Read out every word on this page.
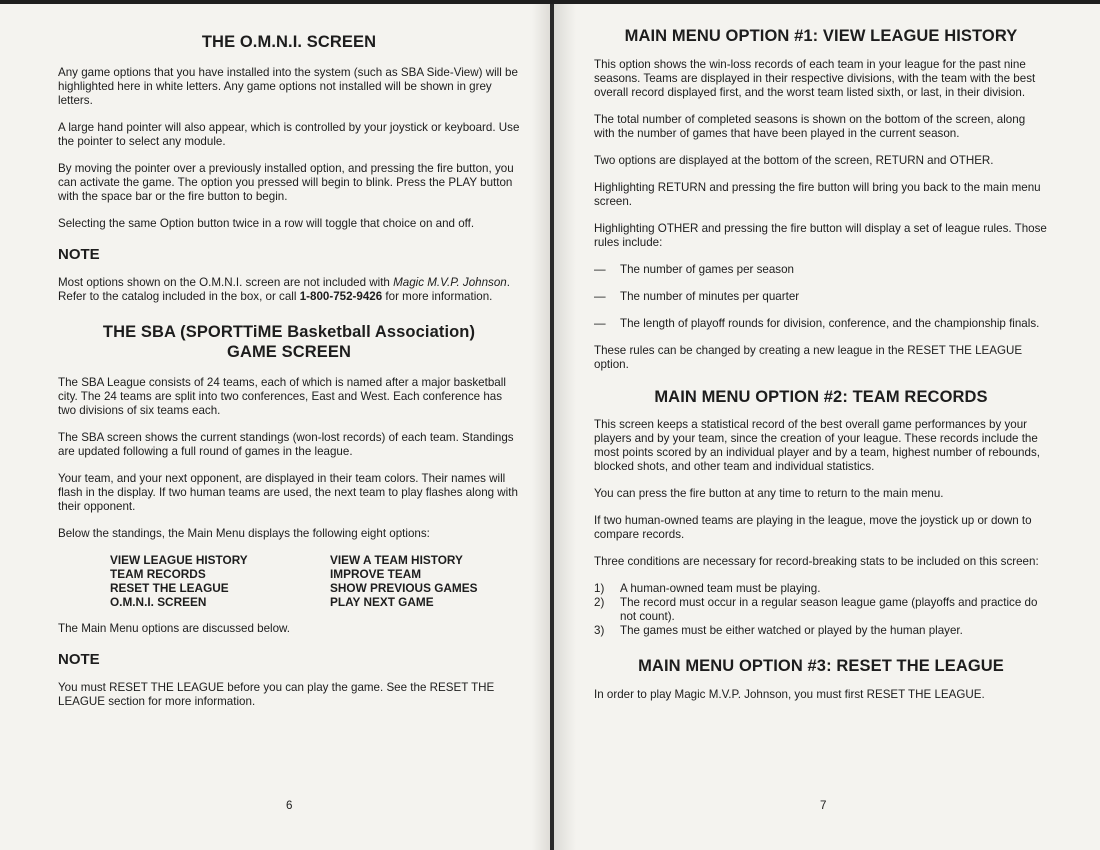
THE O.M.N.I. SCREEN

Any game options that you have installed into the system (such as SBA Side-View) will be highlighted here in white letters. Any game options not installed will be shown in grey letters.

A large hand pointer will also appear, which is controlled by your joystick or keyboard. Use the pointer to select any module.

By moving the pointer over a previously installed option, and pressing the fire button, you can activate the game. The option you pressed will begin to blink. Press the PLAY button with the space bar or the fire button to begin.

Selecting the same Option button twice in a row will toggle that choice on and off.

NOTE

Most options shown on the O.M.N.I. screen are not included with Magic M.V.P. Johnson. Refer to the catalog included in the box, or call 1-800-752-9426 for more information.

THE SBA (SPORTTiME Basketball Association)
GAME SCREEN

The SBA League consists of 24 teams, each of which is named after a major basketball city. The 24 teams are split into two conferences, East and West. Each conference has two divisions of six teams each.

The SBA screen shows the current standings (won-lost records) of each team. Standings are updated following a full round of games in the league.

Your team, and your next opponent, are displayed in their team colors. Their names will flash in the display. If two human teams are used, the next team to play flashes along with their opponent.

Below the standings, the Main Menu displays the following eight options:

VIEW LEAGUE HISTORY	VIEW A TEAM HISTORY
TEAM RECORDS	IMPROVE TEAM
RESET THE LEAGUE	SHOW PREVIOUS GAMES
O.M.N.I. SCREEN	PLAY NEXT GAME

The Main Menu options are discussed below.

NOTE

You must RESET THE LEAGUE before you can play the game. See the RESET THE LEAGUE section for more information.

6
MAIN MENU OPTION #1: VIEW LEAGUE HISTORY

This option shows the win-loss records of each team in your league for the past nine seasons. Teams are displayed in their respective divisions, with the team with the best overall record displayed first, and the worst team listed sixth, or last, in their division.

The total number of completed seasons is shown on the bottom of the screen, along with the number of games that have been played in the current season.

Two options are displayed at the bottom of the screen, RETURN and OTHER.

Highlighting RETURN and pressing the fire button will bring you back to the main menu screen.

Highlighting OTHER and pressing the fire button will display a set of league rules. Those rules include:

—	The number of games per season
—	The number of minutes per quarter
—	The length of playoff rounds for division, conference, and the championship finals.

These rules can be changed by creating a new league in the RESET THE LEAGUE option.

MAIN MENU OPTION #2: TEAM RECORDS

This screen keeps a statistical record of the best overall game performances by your players and by your team, since the creation of your league. These records include the most points scored by an individual player and by a team, highest number of rebounds, blocked shots, and other team and individual statistics.

You can press the fire button at any time to return to the main menu.

If two human-owned teams are playing in the league, move the joystick up or down to compare records.

Three conditions are necessary for record-breaking stats to be included on this screen:

1)	A human-owned team must be playing.
2)	The record must occur in a regular season league game (playoffs and practice do not count).
3)	The games must be either watched or played by the human player.
MAIN MENU OPTION #3: RESET THE LEAGUE

In order to play Magic M.V.P. Johnson, you must first RESET THE LEAGUE.

7
